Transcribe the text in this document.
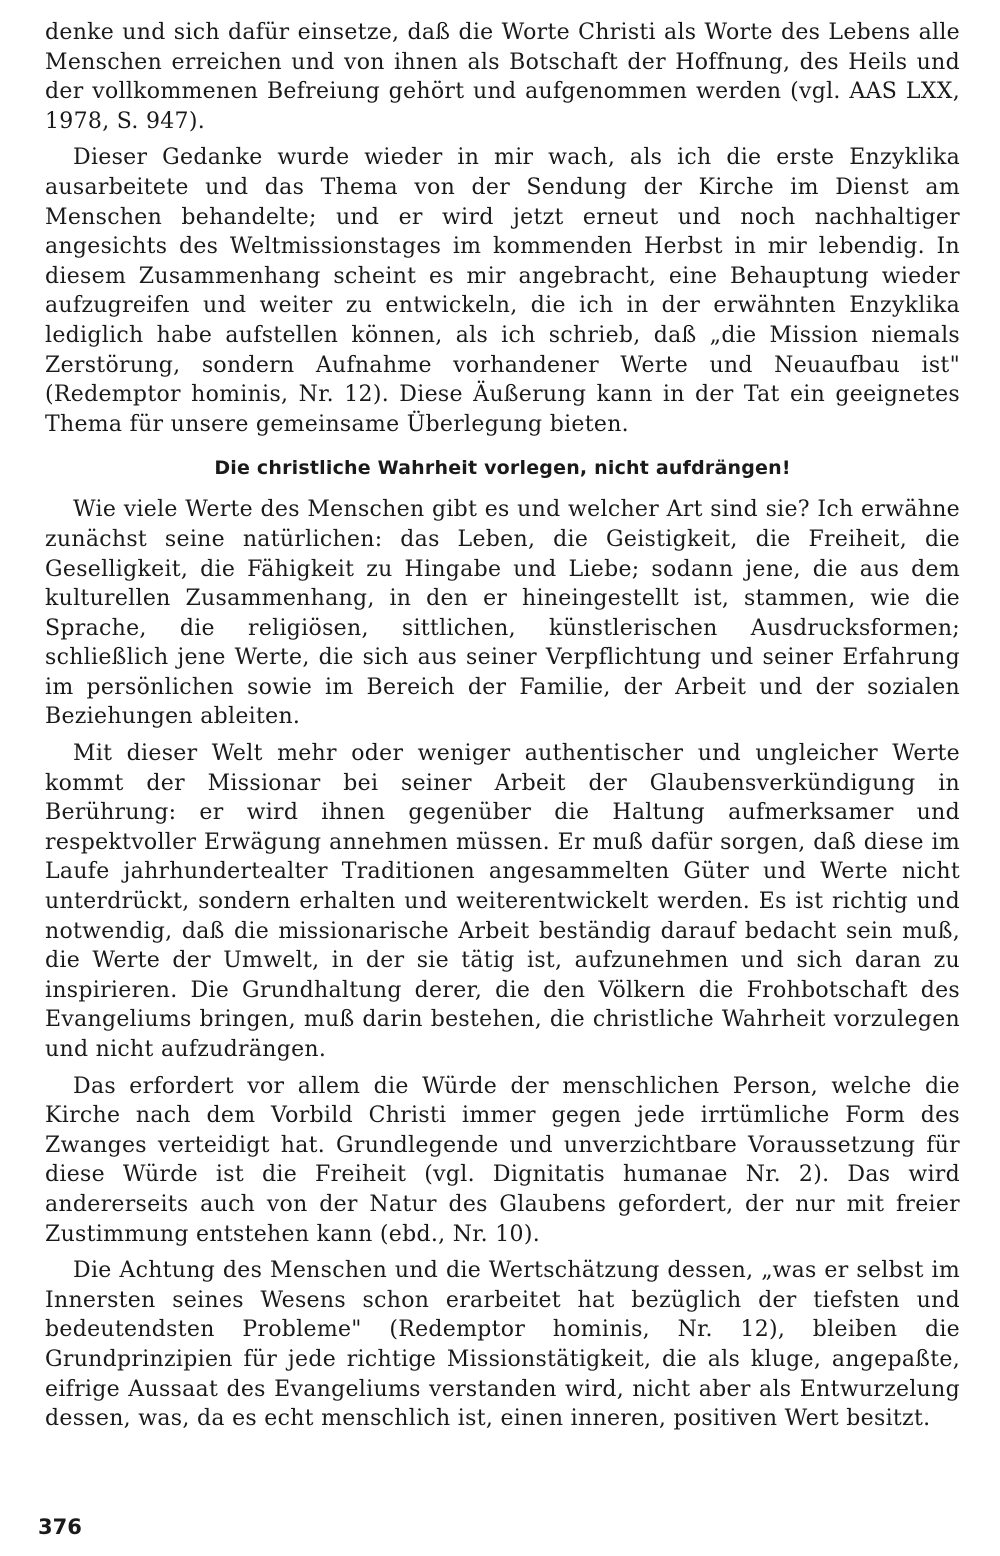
denke und sich dafür einsetze, daß die Worte Christi als Worte des Lebens alle Menschen erreichen und von ihnen als Botschaft der Hoffnung, des Heils und der vollkommenen Befreiung gehört und aufgenommen werden (vgl. AAS LXX, 1978, S. 947).

Dieser Gedanke wurde wieder in mir wach, als ich die erste Enzyklika ausarbeitete und das Thema von der Sendung der Kirche im Dienst am Menschen behandelte; und er wird jetzt erneut und noch nachhaltiger angesichts des Weltmissionstages im kommenden Herbst in mir lebendig. In diesem Zusammenhang scheint es mir angebracht, eine Behauptung wieder aufzugreifen und weiter zu entwickeln, die ich in der erwähnten Enzyklika lediglich habe aufstellen können, als ich schrieb, daß „die Mission niemals Zerstörung, sondern Aufnahme vorhandener Werte und Neuaufbau ist" (Redemptor hominis, Nr. 12). Diese Äußerung kann in der Tat ein geeignetes Thema für unsere gemeinsame Überlegung bieten.

Die christliche Wahrheit vorlegen, nicht aufdrängen!

Wie viele Werte des Menschen gibt es und welcher Art sind sie? Ich erwähne zunächst seine natürlichen: das Leben, die Geistigkeit, die Freiheit, die Geselligkeit, die Fähigkeit zu Hingabe und Liebe; sodann jene, die aus dem kulturellen Zusammenhang, in den er hineingestellt ist, stammen, wie die Sprache, die religiösen, sittlichen, künstlerischen Ausdrucksformen; schließlich jene Werte, die sich aus seiner Verpflichtung und seiner Erfahrung im persönlichen sowie im Bereich der Familie, der Arbeit und der sozialen Beziehungen ableiten.

Mit dieser Welt mehr oder weniger authentischer und ungleicher Werte kommt der Missionar bei seiner Arbeit der Glaubensverkündigung in Berührung: er wird ihnen gegenüber die Haltung aufmerksamer und respektvoller Erwägung annehmen müssen. Er muß dafür sorgen, daß diese im Laufe jahrhundertealter Traditionen angesammelten Güter und Werte nicht unterdrückt, sondern erhalten und weiterentwickelt werden. Es ist richtig und notwendig, daß die missionarische Arbeit beständig darauf bedacht sein muß, die Werte der Umwelt, in der sie tätig ist, aufzunehmen und sich daran zu inspirieren. Die Grundhaltung derer, die den Völkern die Frohbotschaft des Evangeliums bringen, muß darin bestehen, die christliche Wahrheit vorzulegen und nicht aufzudrängen.

Das erfordert vor allem die Würde der menschlichen Person, welche die Kirche nach dem Vorbild Christi immer gegen jede irrtümliche Form des Zwanges verteidigt hat. Grundlegende und unverzichtbare Voraussetzung für diese Würde ist die Freiheit (vgl. Dignitatis humanae Nr. 2). Das wird andererseits auch von der Natur des Glaubens gefordert, der nur mit freier Zustimmung entstehen kann (ebd., Nr. 10).

Die Achtung des Menschen und die Wertschätzung dessen, „was er selbst im Innersten seines Wesens schon erarbeitet hat bezüglich der tiefsten und bedeutendsten Probleme" (Redemptor hominis, Nr. 12), bleiben die Grundprinzipien für jede richtige Missionstätigkeit, die als kluge, angepaßte, eifrige Aussaat des Evangeliums verstanden wird, nicht aber als Entwurzelung dessen, was, da es echt menschlich ist, einen inneren, positiven Wert besitzt.

376
